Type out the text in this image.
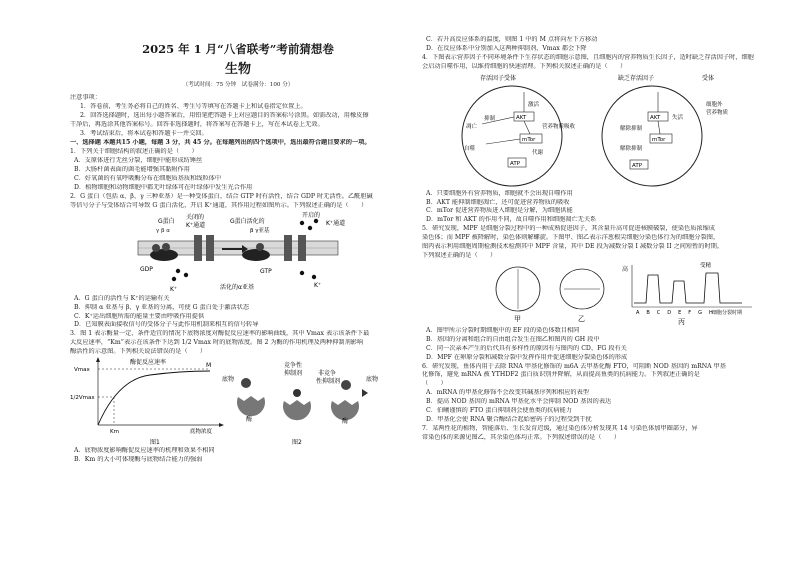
2025 年 1 月“八省联考”考前猜想卷
生物
（考试时间：75 分钟　试卷满分：100 分）

注意事项：

1．答卷前，考生务必将自己的姓名、考生号等填写在答题卡上和试卷指定位置上。

2．回答选择题时，选出每小题答案后，用铅笔把答题卡上对应题目的答案标号涂黑。如需改动，用橡皮擦

干净后，再选涂其他答案标号。回答非选择题时，将答案写在答题卡上，写在本试卷上无效。

3．考试结束后，将本试卷和答题卡一并交回。

一、选择题 本题共15 小题，每题 3 分，共 45 分。在每题列出的四个选项中，选出最符合题目要求的一项。

1．下列关于细胞结构的叙述正确的是（　　）

A．支原体进行无丝分裂，细胞中能形成纺锤丝

B．大肠杆菌表面的菌毛能增强其黏附作用

C．好氧菌的有氧呼吸酶分布在细胞质基质和线粒体中

D．植物细胞和动物细胞中都无叶绿体可在叶绿体中发生光合作用

2．G 蛋白（包括 α、β、γ 三种亚基）是一种受体蛋白，结合 GTP 时有活性，结合 GDP 时无活性。乙酰胆碱

等信号分子与受体结合可导致 G 蛋白活化，开启 K⁺通道，其作用过程如图所示。下列叙述正确的是（　　）

G蛋白
γ β α
关闭的
K⁺通道
G蛋白活化的
β γ亚基
开启的
K⁺通道
GDP	GTP
K⁺
K⁺
活化的α亚基

A．G 蛋白的活性与 K⁺的运输有关

B．抑制 α 亚基与 β、γ 亚基的分离，可使 G 蛋白处于激活状态

C．K⁺运出细胞所需的能量主要由呼吸作用提供

D．已知膜表面接收信号的受体分子与此作用机制来相互的信号转导

3．图 1 表示酶量一定、条件适宜的情况下底物浓度对酶促反应速率的影响曲线，其中 Vmax 表示该条件下最

大反应速率，“Km”表示在该条件下达到 1/2 Vmax 时的底物浓度。图 2 为酶的作用机理及两种抑制剂影响

酶活性的示意图。下列相关说法错误的是（　　）

酶促反应速率
Vmax
1/2Vmax
Km	底物浓度
M
图1
底物
竞争性
抑制剂	非竞争
性抑制剂	底物
酶	酶
图2

A．底物浓度影响酶促反应速率的机理和效果不相同

B．Km 的大小可体现酶与底物结合能力的强弱

C．若升高反应体系的温度，则图 1 中的 M 点将向左下方移动

D．在反应体系中分别加入这两种抑制剂，Vmax 都会下降

4．下图表示营养因子不同环境条件下生存状态的细胞示意图，且细胞内的营养物质生长因子，适时缺乏存活因子时，细胞

会启动自噬作用，以维持细胞的快速清理。下列相关叙述正确的是（　　）

存活因子受体	缺乏存活因子	受体
AKT
mTor
AKT
mTor
ATP	ATP
激活
抑制
凋亡
自噬
营养物质吸收
代谢
失活
解除抑制
解除抑制
细胞外
营养物质

A．只要细胞外有营养物质，细胞就不会出现自噬作用

B．AKT 能抑制细胞凋亡，还可促进营养物质的吸收

C．mTor 促进营养物质进入细胞是分解，为细胞供能

D．mTor 和 AKT 的作用不同，故自噬作用和细胞凋亡无关系

5．研究发现，MPF 是细胞分裂过程中的一种成熟促进因子，其含量升高可促进核膜破裂，使染色质浓缩成

染色体；而 MPF 被降解时，染色体则解螺旋。下图甲、图乙表示洋葱根尖细胞分染色体行为的细胞分裂图，

图丙表示利用细胞周期检测技术检测其中 MPF 含量，其中 DE 段为减数分裂 I 减数分裂 II 之间短暂的时期。

下列叙述正确的是（　　）

甲	乙
高	受精
ABCDEFGH
细胞分裂时期
丙

A．图甲所示分裂时期细胞中的 EF 段的染色体数目相同

B．基因的分离和组合的自由组合发生在图乙和图丙的 GH 段中

C．同一次亲本产生的后代具有多样性的原因有与图丙的 CD、FG 段有关

D．MPF 在卵原分裂和减数分裂中发挥作用并促进细胞分裂染色体的形成

6．研究发现，鱼体内用于去除 RNA 甲基化修饰的 m6A 去甲基化酶 FTO，可阻断 NOD 基因的 mRNA 甲基

化修饰，避免 mRNA 被 YTHDF2 蛋白质识别并降解，从而提高鱼类的抗病能力。下列叙述正确的是

（　　）

A．mRNA 的甲基化修饰不会改变其碱基序列和相应的表型

B．提高 NOD 基因的 mRNA 甲基化水平会抑制 NOD 基因的表达

C．伯曦谨慎的 FTO 蛋白抑制剂会使鱼类的抗病能力

D．甲基化会使 RNA 聚合酶结合起始密码子的过程受到干扰

7．某两性花的植物，智能落后、生长发育迟缓，通过染色体分析发现其 14 号染色体加甲圈部分，异

常染色体的来源见图乙，其余染色体均正常。下列叙述错误的是（　　）
